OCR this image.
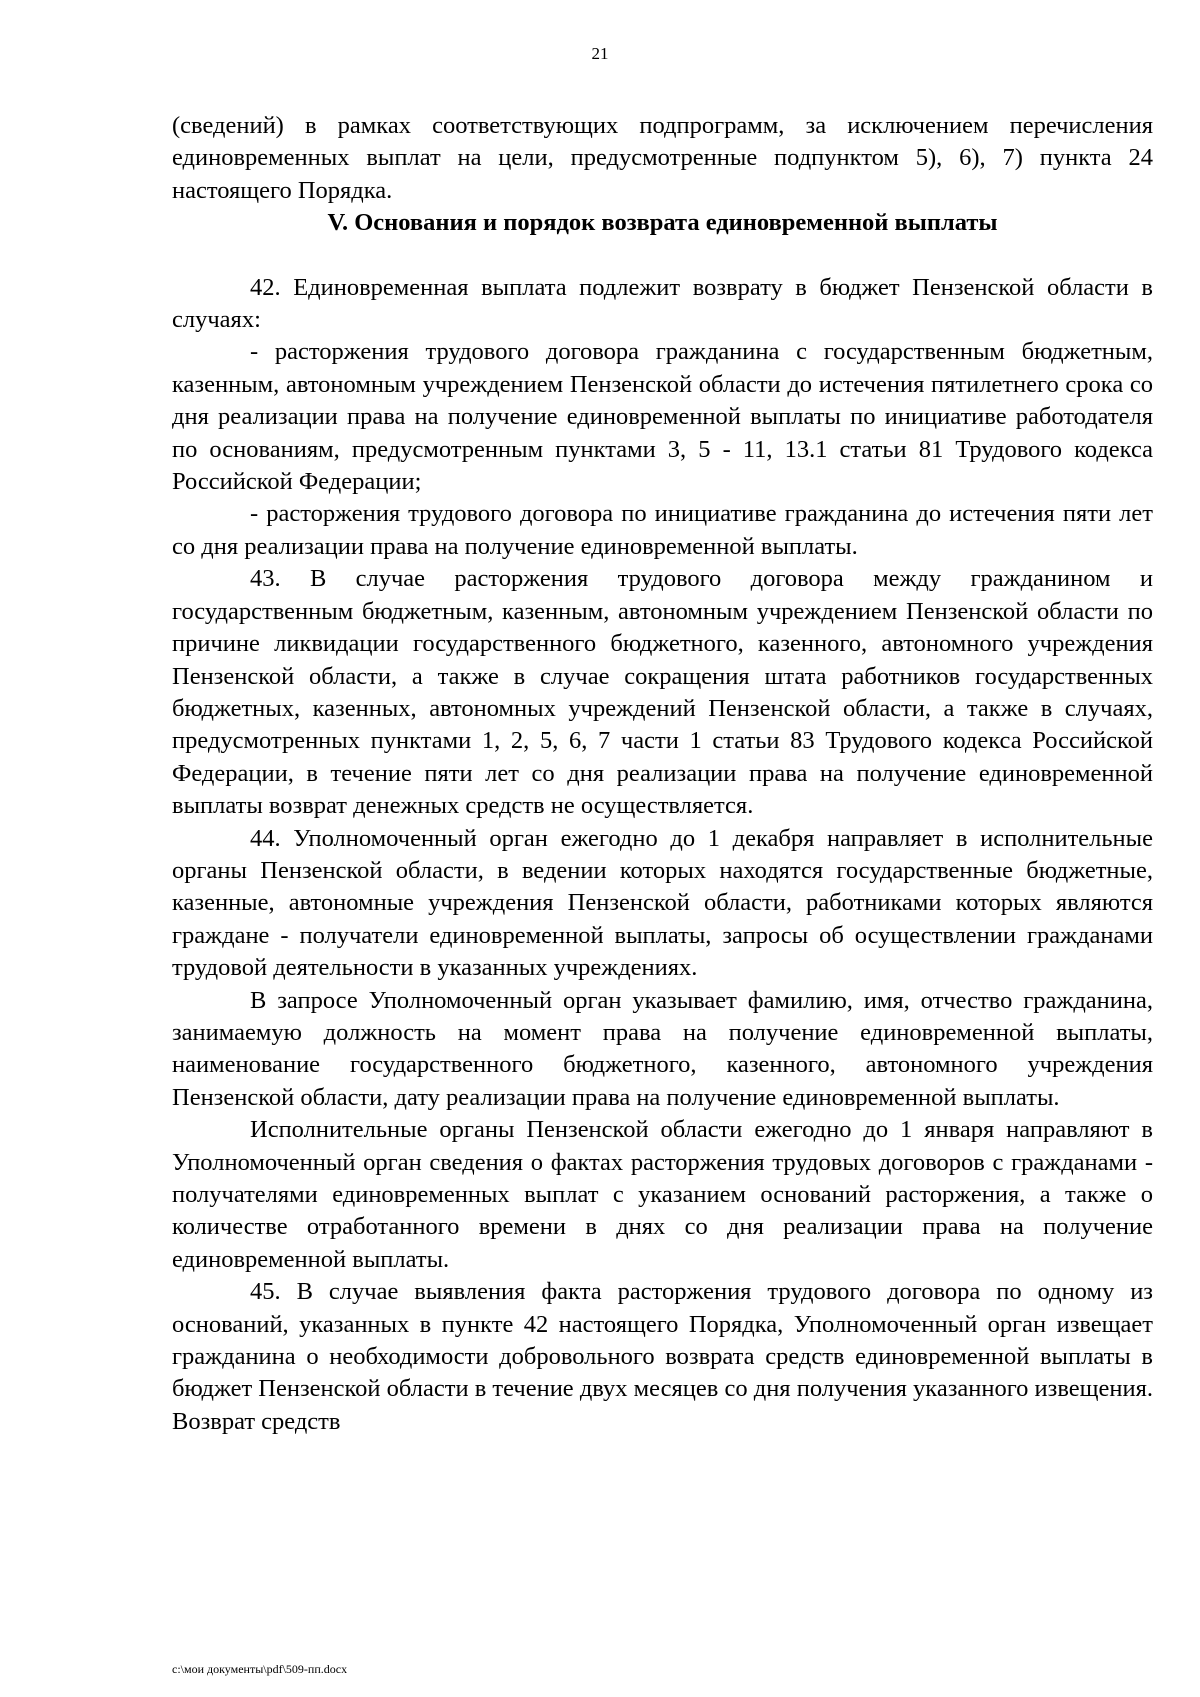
21

(сведений) в рамках соответствующих подпрограмм, за исключением перечисления единовременных выплат на цели, предусмотренные подпунктом 5), 6), 7) пункта 24 настоящего Порядка.

V. Основания и порядок возврата единовременной выплаты

42. Единовременная выплата подлежит возврату в бюджет Пензенской области в случаях:

- расторжения трудового договора гражданина с государственным бюджетным, казенным, автономным учреждением Пензенской области до истечения пятилетнего срока со дня реализации права на получение единовременной выплаты по инициативе работодателя по основаниям, предусмотренным пунктами 3, 5 - 11, 13.1 статьи 81 Трудового кодекса Российской Федерации;

- расторжения трудового договора по инициативе гражданина до истечения пяти лет со дня реализации права на получение единовременной выплаты.

43. В случае расторжения трудового договора между гражданином и государственным бюджетным, казенным, автономным учреждением Пензенской области по причине ликвидации государственного бюджетного, казенного, автономного учреждения Пензенской области, а также в случае сокращения штата работников государственных бюджетных, казенных, автономных учреждений Пензенской области, а также в случаях, предусмотренных пунктами 1, 2, 5, 6, 7 части 1 статьи 83 Трудового кодекса Российской Федерации, в течение пяти лет со дня реализации права на получение единовременной выплаты возврат денежных средств не осуществляется.

44. Уполномоченный орган ежегодно до 1 декабря направляет в исполнительные органы Пензенской области, в ведении которых находятся государственные бюджетные, казенные, автономные учреждения Пензенской области, работниками которых являются граждане - получатели единовременной выплаты, запросы об осуществлении гражданами трудовой деятельности в указанных учреждениях.

В запросе Уполномоченный орган указывает фамилию, имя, отчество гражданина, занимаемую должность на момент права на получение единовременной выплаты, наименование государственного бюджетного, казенного, автономного учреждения Пензенской области, дату реализации права на получение единовременной выплаты.

Исполнительные органы Пензенской области ежегодно до 1 января направляют в Уполномоченный орган сведения о фактах расторжения трудовых договоров с гражданами - получателями единовременных выплат с указанием оснований расторжения, а также о количестве отработанного времени в днях со дня реализации права на получение единовременной выплаты.

45. В случае выявления факта расторжения трудового договора по одному из оснований, указанных в пункте 42 настоящего Порядка, Уполномоченный орган извещает гражданина о необходимости добровольного возврата средств единовременной выплаты в бюджет Пензенской области в течение двух месяцев со дня получения указанного извещения. Возврат средств

c:\мои документы\pdf\509-пп.docx
